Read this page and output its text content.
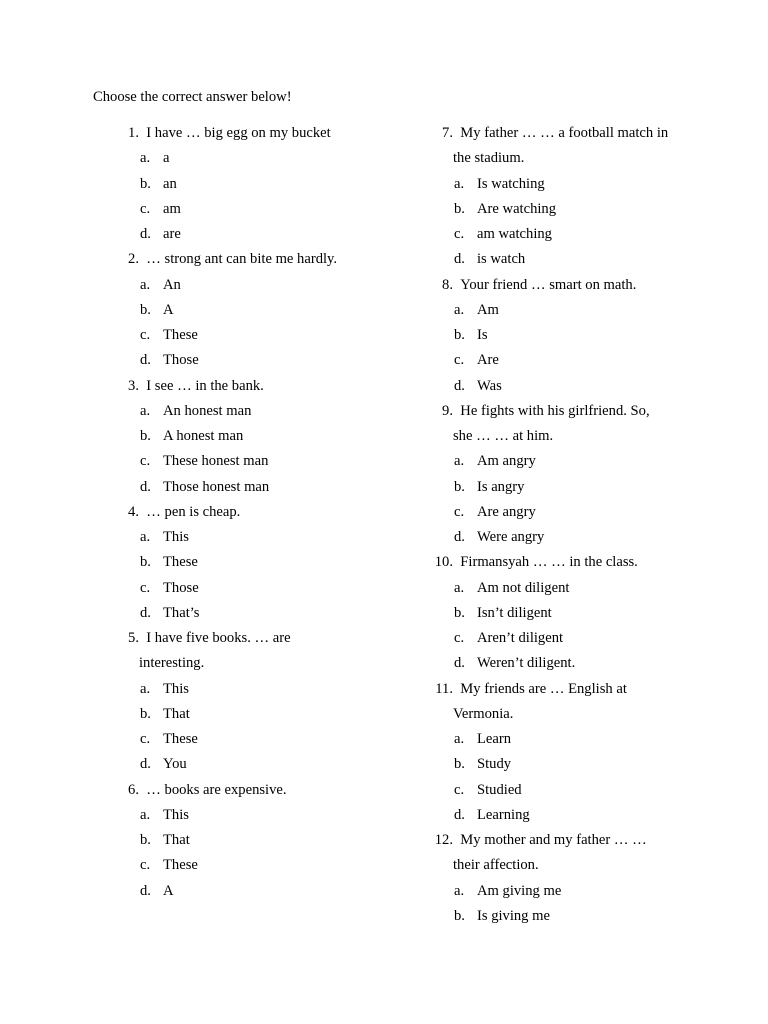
Choose the correct answer below!
1. I have … big egg on my bucket
a. a
b. an
c. am
d. are
2. … strong ant can bite me hardly.
a. An
b. A
c. These
d. Those
3. I see … in the bank.
a. An honest man
b. A honest man
c. These honest man
d. Those honest man
4. … pen is cheap.
a. This
b. These
c. Those
d. That’s
5. I have five books. … are
interesting.
a. This
b. That
c. These
d. You
6. … books are expensive.
a. This
b. That
c. These
d. A
7. My father … … a football match in
the stadium.
a. Is watching
b. Are watching
c. am watching
d. is watch
8. Your friend … smart on math.
a. Am
b. Is
c. Are
d. Was
9. He fights with his girlfriend. So,
she … … at him.
a. Am angry
b. Is angry
c. Are angry
d. Were angry
10. Firmansyah … … in the class.
a. Am not diligent
b. Isn’t diligent
c. Aren’t diligent
d. Weren’t diligent.
11. My friends are … English at
Vermonia.
a. Learn
b. Study
c. Studied
d. Learning
12. My mother and my father … …
their affection.
a. Am giving me
b. Is giving me
